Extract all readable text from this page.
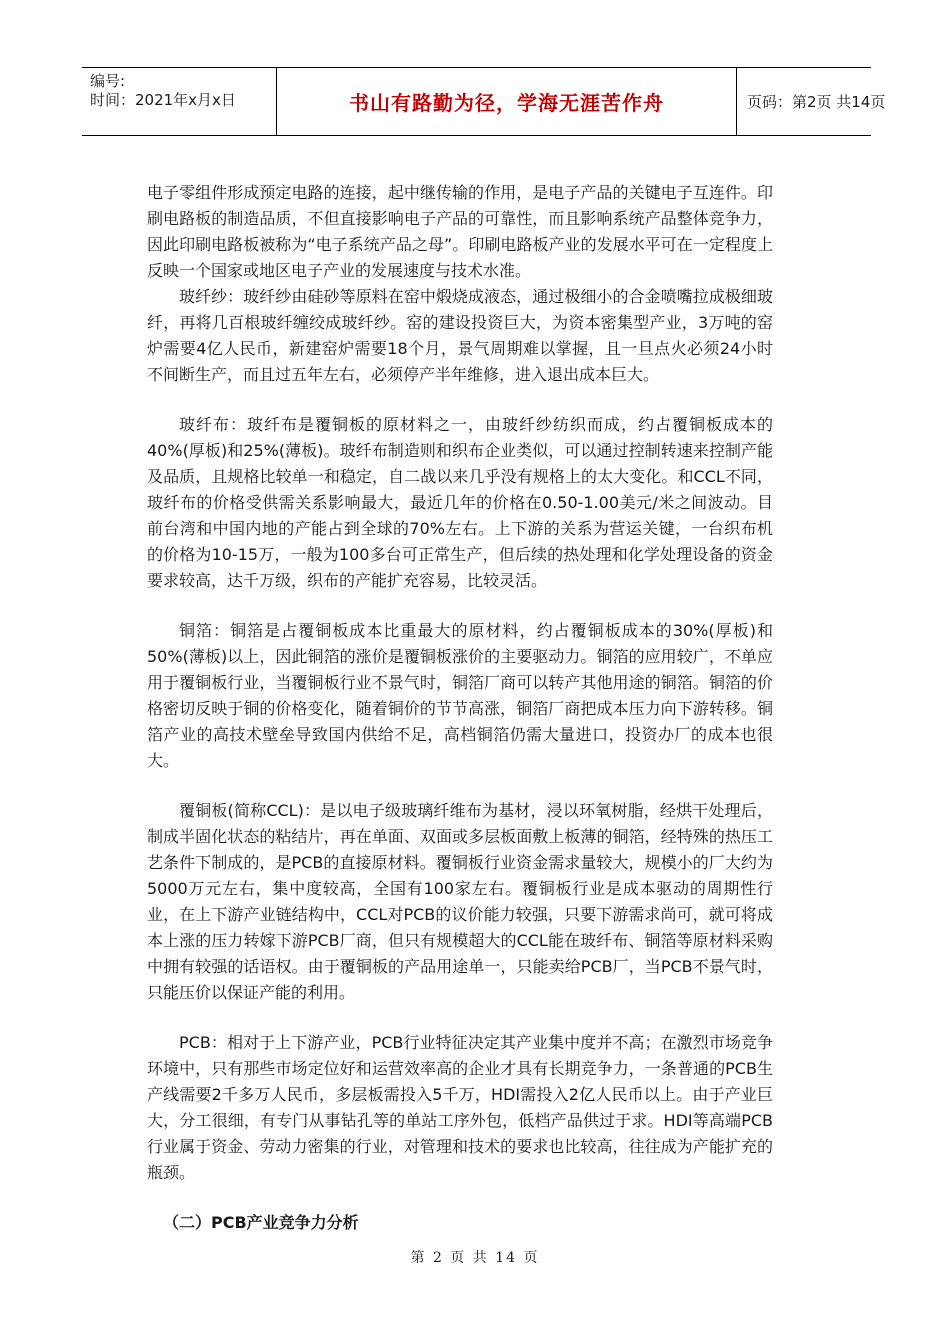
编号:
时间：2021年x月x日	书山有路勤为径，学海无涯苦作舟	页码：第2页 共14页

电子零组件形成预定电路的连接，起中继传输的作用，是电子产品的关键电子互连件。印刷电路板的制造品质，不但直接影响电子产品的可靠性，而且影响系统产品整体竞争力，因此印刷电路板被称为“电子系统产品之母”。印刷电路板产业的发展水平可在一定程度上反映一个国家或地区电子产业的发展速度与技术水准。

玻纤纱：玻纤纱由硅砂等原料在窑中煅烧成液态，通过极细小的合金喷嘴拉成极细玻纤，再将几百根玻纤缠绞成玻纤纱。窑的建设投资巨大，为资本密集型产业，3万吨的窑炉需要4亿人民币，新建窑炉需要18个月，景气周期难以掌握，且一旦点火必须24小时不间断生产，而且过五年左右，必须停产半年维修，进入退出成本巨大。

玻纤布：玻纤布是覆铜板的原材料之一，由玻纤纱纺织而成，约占覆铜板成本的40%(厚板)和25%(薄板)。玻纤布制造则和织布企业类似，可以通过控制转速来控制产能及品质，且规格比较单一和稳定，自二战以来几乎没有规格上的太大变化。和CCL不同，玻纤布的价格受供需关系影响最大，最近几年的价格在0.50-1.00美元/米之间波动。目前台湾和中国内地的产能占到全球的70%左右。上下游的关系为营运关键，一台织布机的价格为10-15万，一般为100多台可正常生产，但后续的热处理和化学处理设备的资金要求较高，达千万级，织布的产能扩充容易，比较灵活。

铜箔：铜箔是占覆铜板成本比重最大的原材料，约占覆铜板成本的30%(厚板)和50%(薄板)以上，因此铜箔的涨价是覆铜板涨价的主要驱动力。铜箔的应用较广，不单应用于覆铜板行业，当覆铜板行业不景气时，铜箔厂商可以转产其他用途的铜箔。铜箔的价格密切反映于铜的价格变化，随着铜价的节节高涨，铜箔厂商把成本压力向下游转移。铜箔产业的高技术壁垒导致国内供给不足，高档铜箔仍需大量进口，投资办厂的成本也很大。

覆铜板(简称CCL)：是以电子级玻璃纤维布为基材，浸以环氧树脂，经烘干处理后，制成半固化状态的粘结片，再在单面、双面或多层板面敷上板薄的铜箔，经特殊的热压工艺条件下制成的，是PCB的直接原材料。覆铜板行业资金需求量较大，规模小的厂大约为5000万元左右，集中度较高，全国有100家左右。覆铜板行业是成本驱动的周期性行业，在上下游产业链结构中，CCL对PCB的议价能力较强，只要下游需求尚可，就可将成本上涨的压力转嫁下游PCB厂商，但只有规模超大的CCL能在玻纤布、铜箔等原材料采购中拥有较强的话语权。由于覆铜板的产品用途单一，只能卖给PCB厂，当PCB不景气时，只能压价以保证产能的利用。

PCB：相对于上下游产业，PCB行业特征决定其产业集中度并不高；在激烈市场竞争环境中，只有那些市场定位好和运营效率高的企业才具有长期竞争力，一条普通的PCB生产线需要2千多万人民币，多层板需投入5千万，HDI需投入2亿人民币以上。由于产业巨大，分工很细，有专门从事钻孔等的单站工序外包，低档产品供过于求。HDI等高端PCB行业属于资金、劳动力密集的行业，对管理和技术的要求也比较高，往往成为产能扩充的瓶颈。

（二）PCB产业竞争力分析

第 2 页 共 14 页
